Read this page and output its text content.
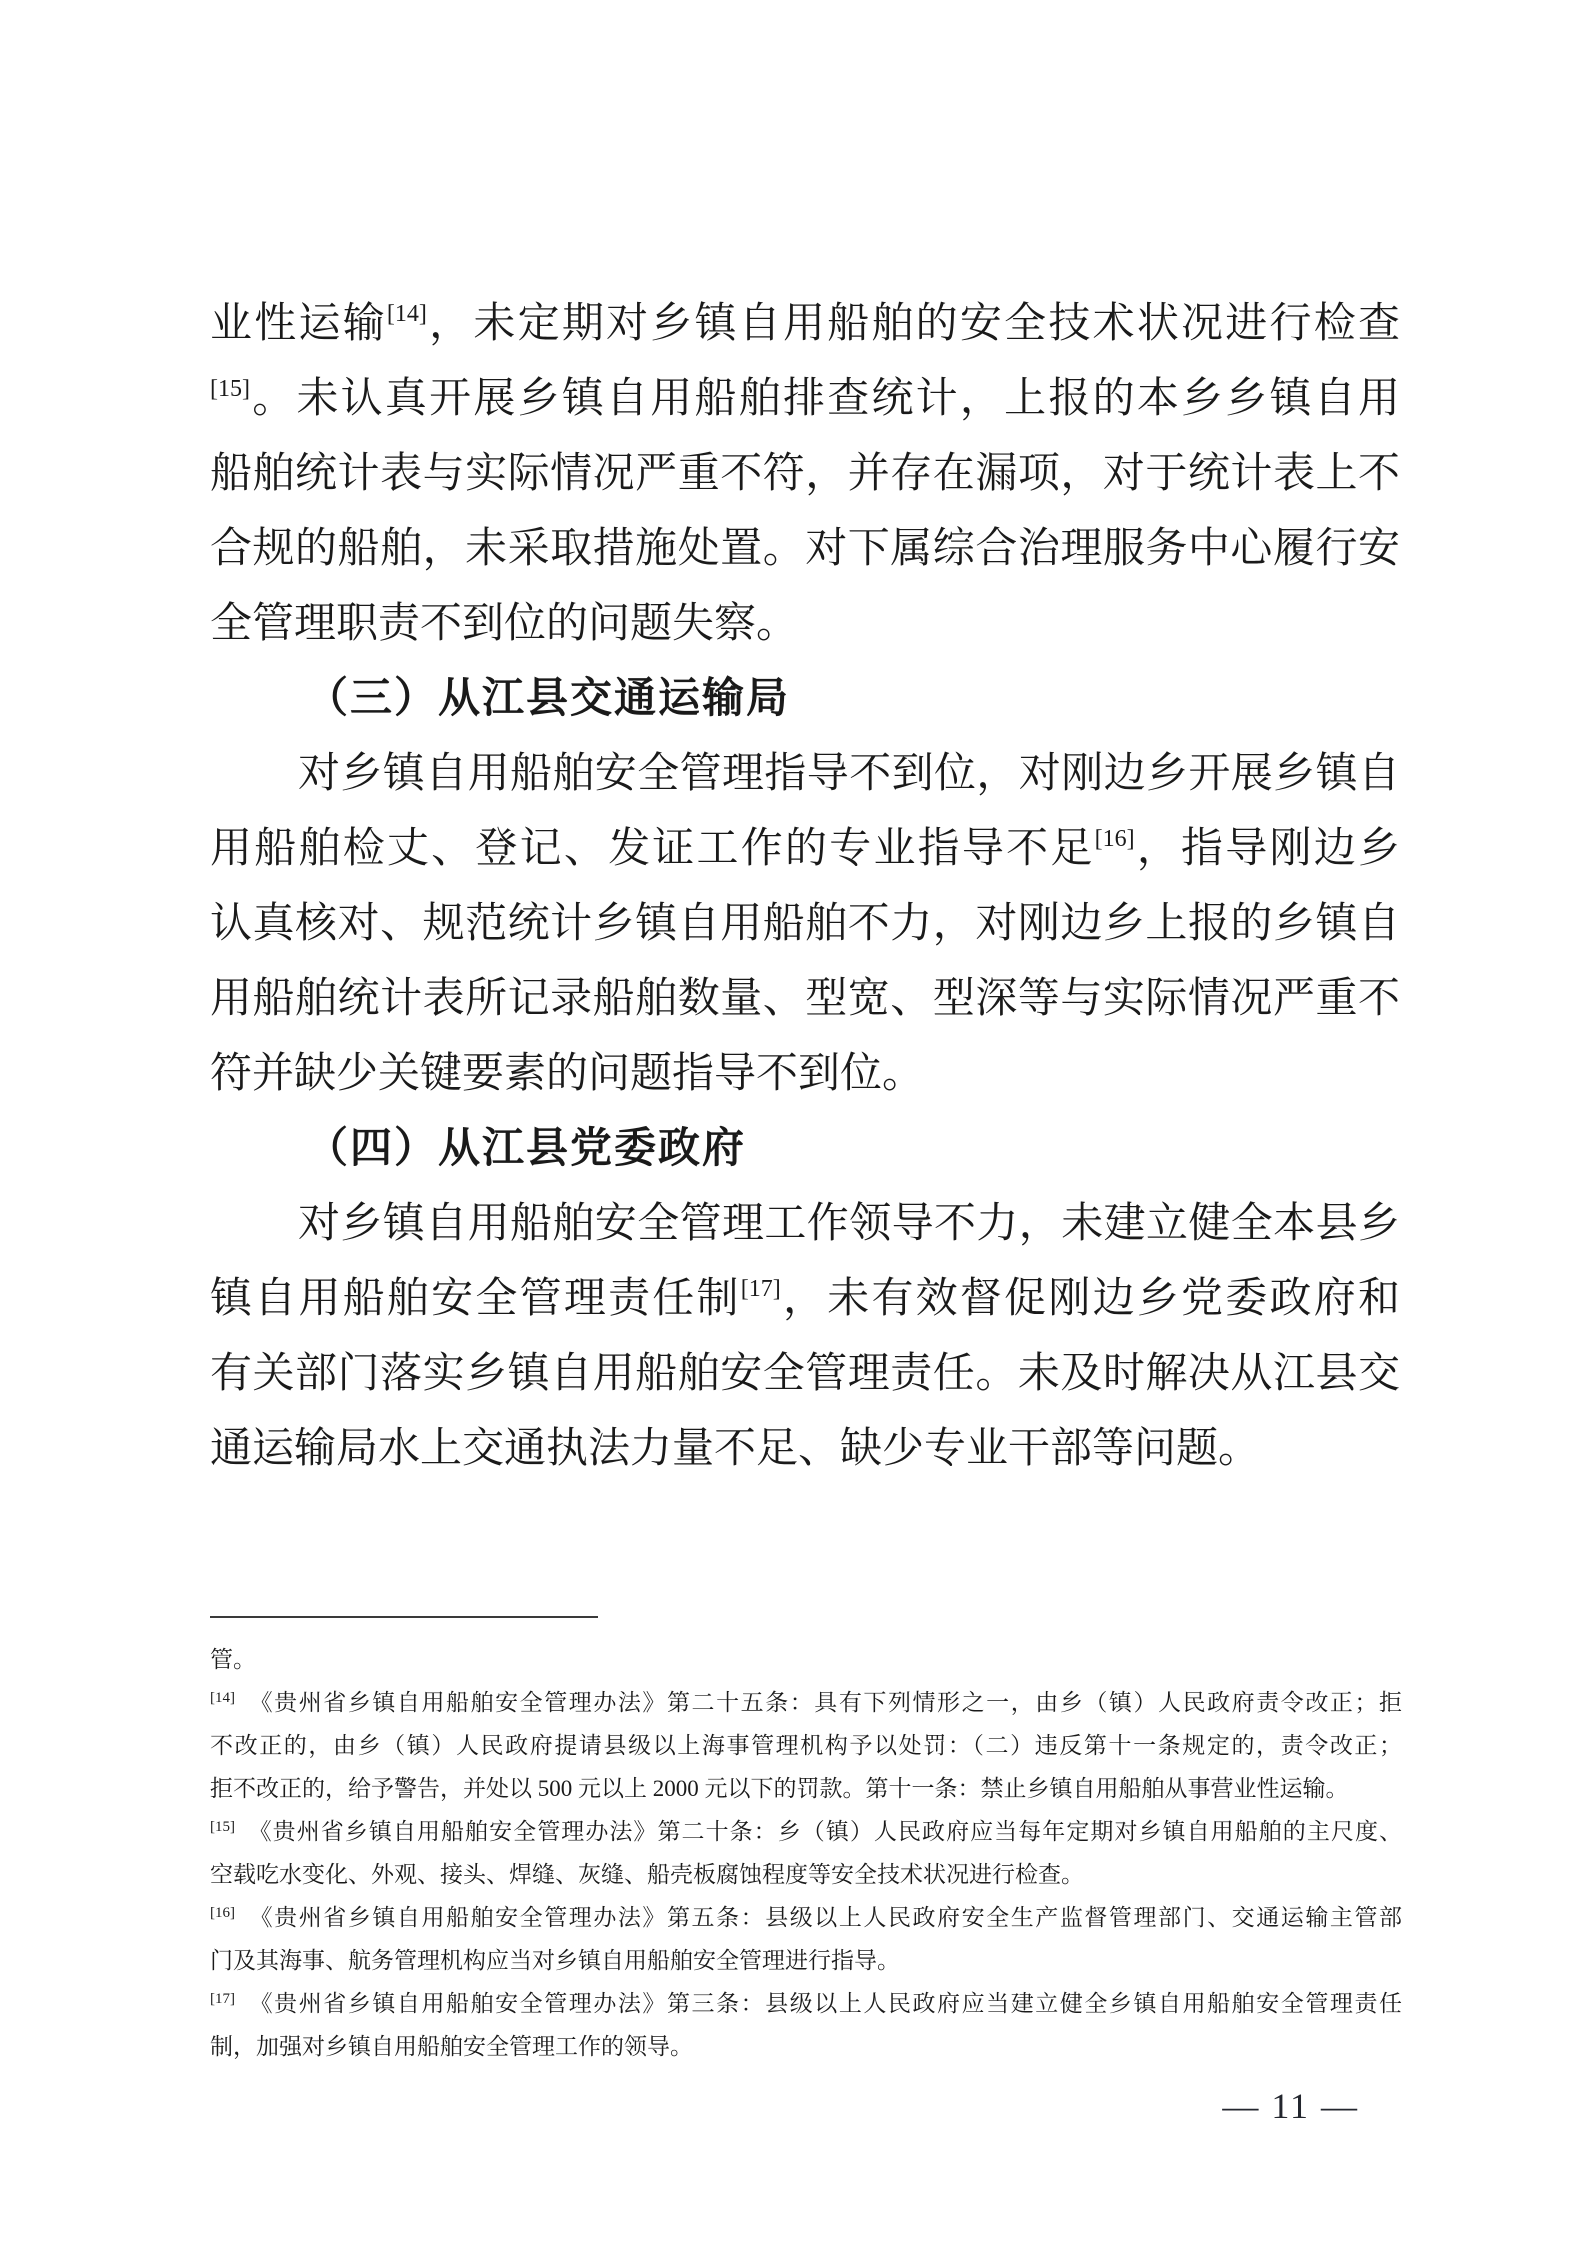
业性运输[14]，未定期对乡镇自用船舶的安全技术状况进行检查
[15]。未认真开展乡镇自用船舶排查统计，上报的本乡乡镇自用
船舶统计表与实际情况严重不符，并存在漏项，对于统计表上不
合规的船舶，未采取措施处置。对下属综合治理服务中心履行安
全管理职责不到位的问题失察。
（三）从江县交通运输局
对乡镇自用船舶安全管理指导不到位，对刚边乡开展乡镇自
用船舶检丈、登记、发证工作的专业指导不足[16]，指导刚边乡
认真核对、规范统计乡镇自用船舶不力，对刚边乡上报的乡镇自
用船舶统计表所记录船舶数量、型宽、型深等与实际情况严重不
符并缺少关键要素的问题指导不到位。
（四）从江县党委政府
对乡镇自用船舶安全管理工作领导不力，未建立健全本县乡
镇自用船舶安全管理责任制[17]，未有效督促刚边乡党委政府和
有关部门落实乡镇自用船舶安全管理责任。未及时解决从江县交
通运输局水上交通执法力量不足、缺少专业干部等问题。
管。
[14]　《贵州省乡镇自用船舶安全管理办法》第二十五条：具有下列情形之一，由乡（镇）人民政府责令改正；拒
不改正的，由乡（镇）人民政府提请县级以上海事管理机构予以处罚：（二）违反第十一条规定的，责令改正；
拒不改正的，给予警告，并处以 500 元以上 2000 元以下的罚款。第十一条：禁止乡镇自用船舶从事营业性运输。
[15]　《贵州省乡镇自用船舶安全管理办法》第二十条：乡（镇）人民政府应当每年定期对乡镇自用船舶的主尺度、
空载吃水变化、外观、接头、焊缝、灰缝、船壳板腐蚀程度等安全技术状况进行检查。
[16]　《贵州省乡镇自用船舶安全管理办法》第五条：县级以上人民政府安全生产监督管理部门、交通运输主管部
门及其海事、航务管理机构应当对乡镇自用船舶安全管理进行指导。
[17]　《贵州省乡镇自用船舶安全管理办法》第三条：县级以上人民政府应当建立健全乡镇自用船舶安全管理责任
制，加强对乡镇自用船舶安全管理工作的领导。
— 11 —
